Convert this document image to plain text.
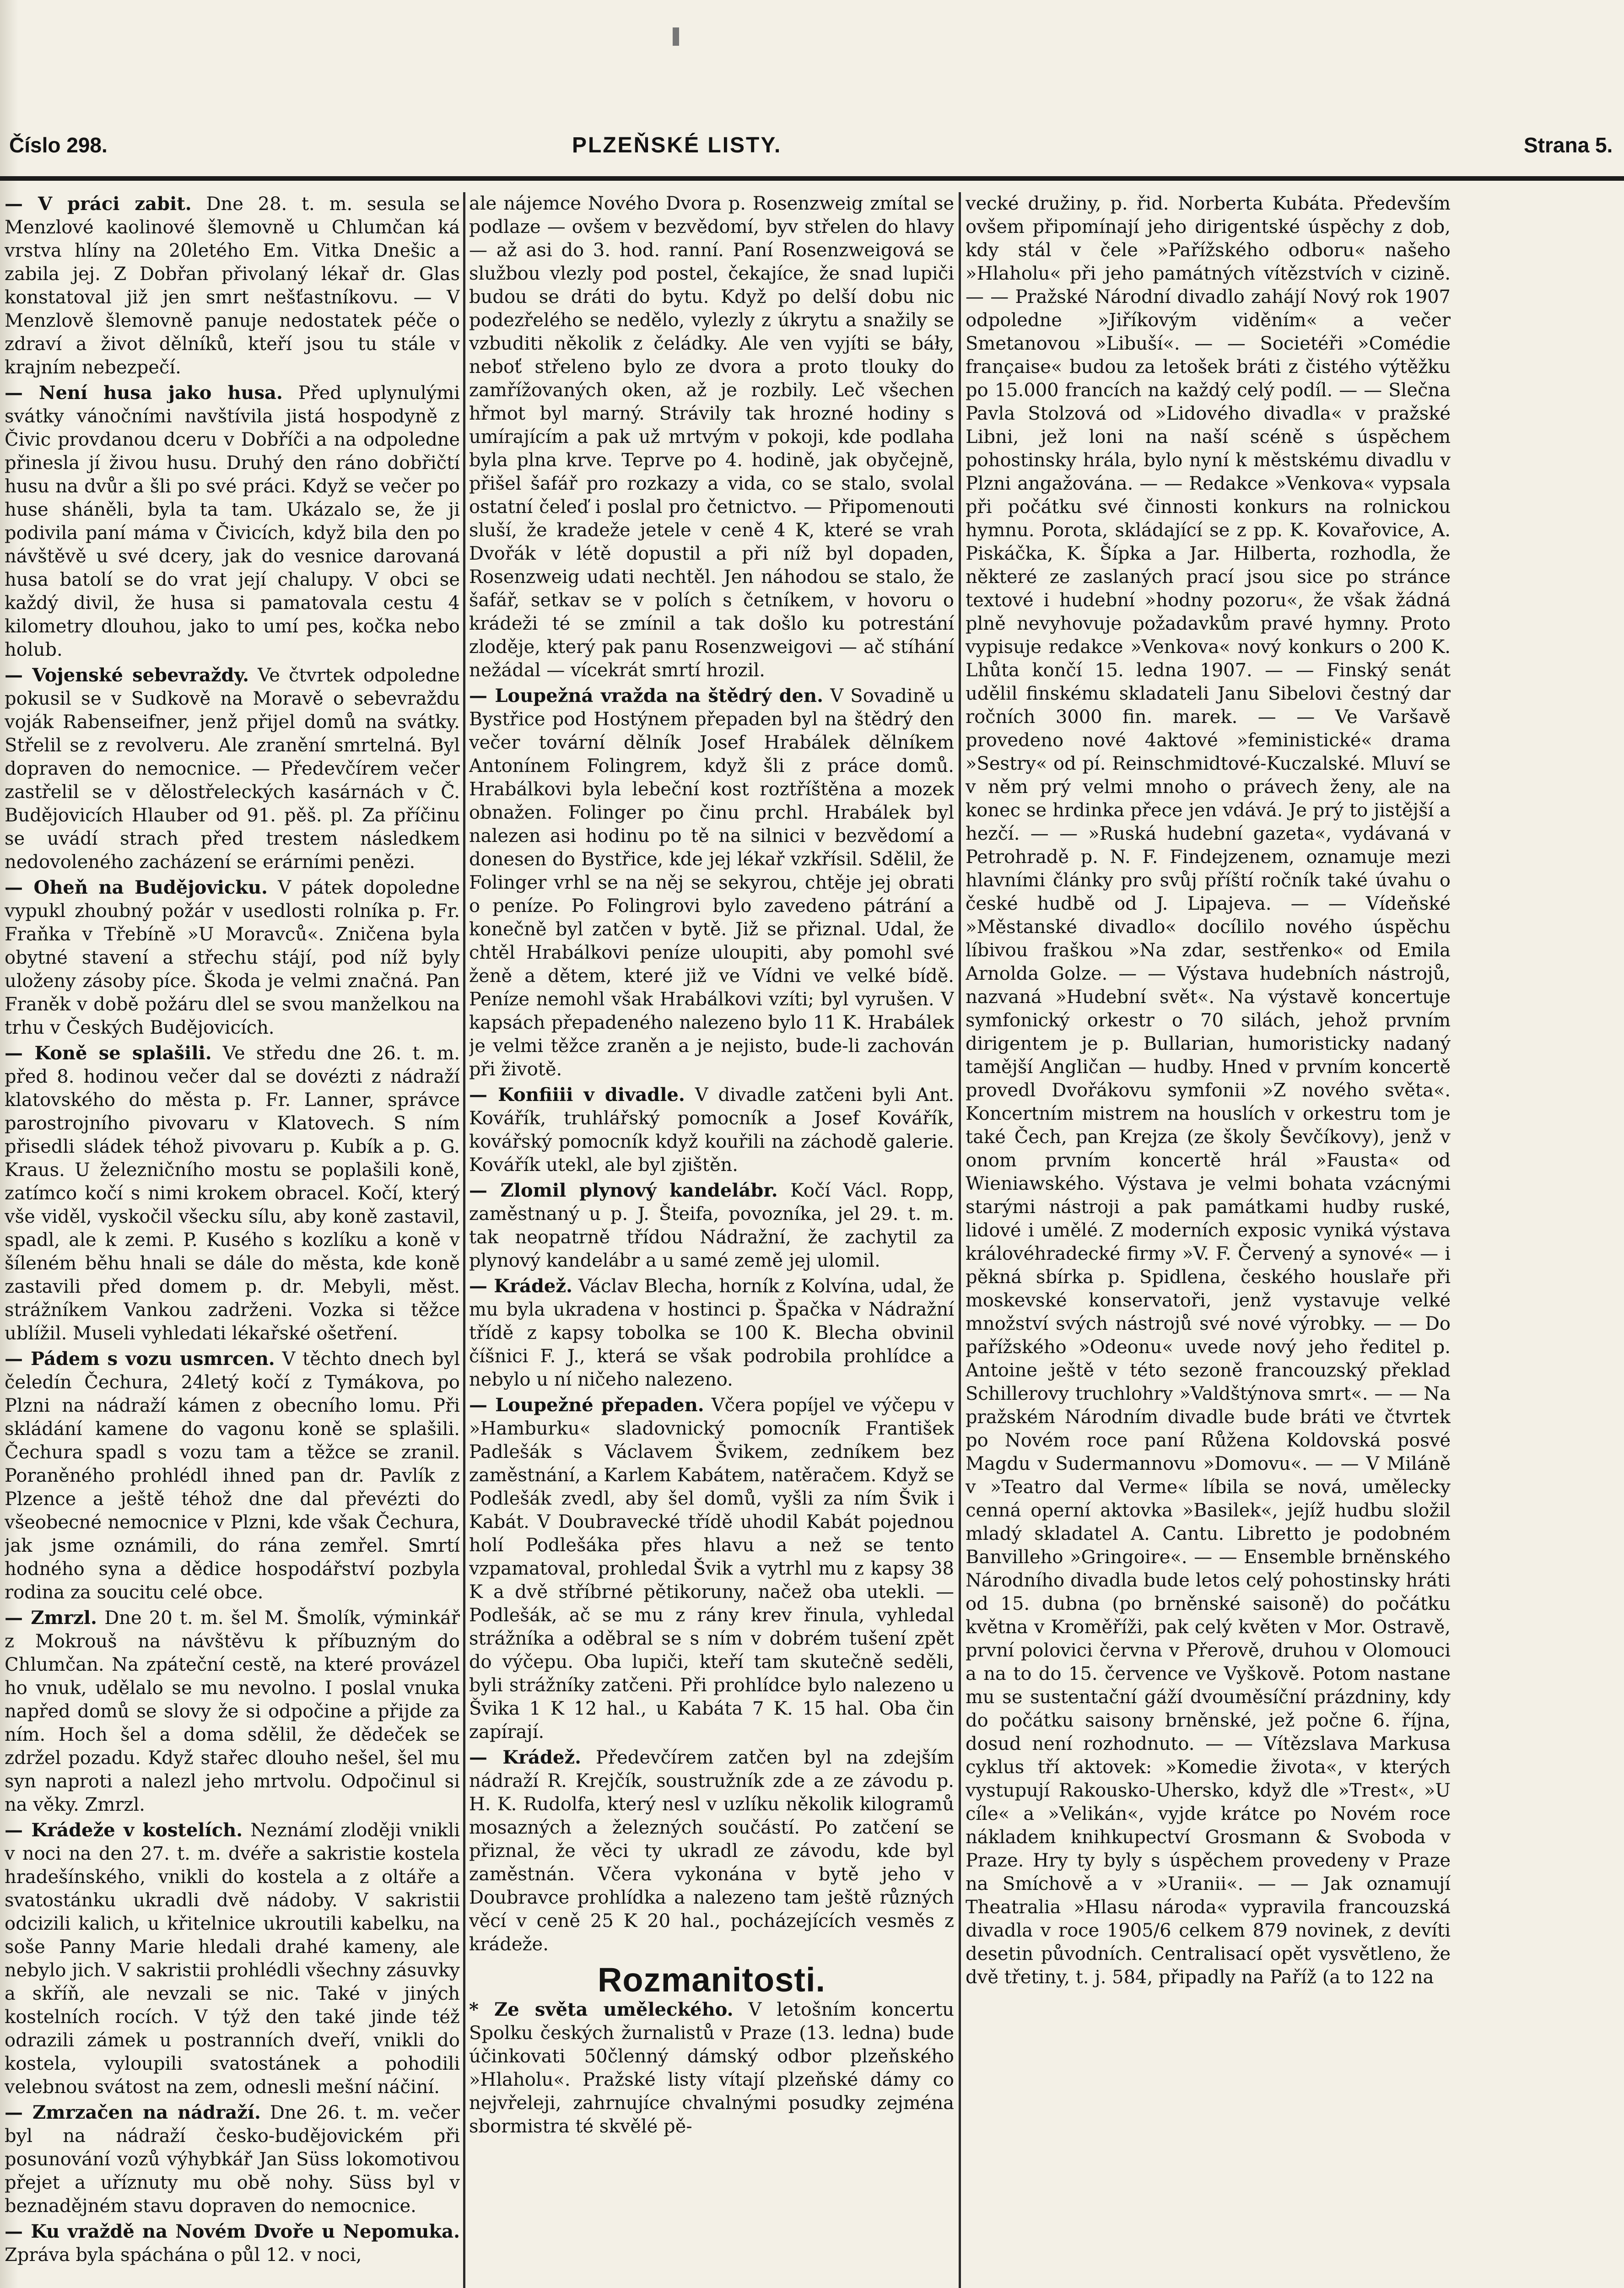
Číslo 298.	PLZEŇSKÉ LISTY.	Strana 5.

— V práci zabit. Dne 28. t. m. sesula se Menzlové kaolinové šlemovně u Chlumčan ká vrstva hlíny na 20letého Em. Vitka Dnešic a zabila jej. Z Dobřan přivolaný lékař dr. Glas konstatoval již jen smrt nešťastníkovu. — V Menzlově šlemovně panuje nedostatek péče o zdraví a život dělníků, kteří jsou tu stále v krajním nebezpečí.

— Není husa jako husa. Před uplynulými svátky vánočními navštívila jistá hospodyně z Čivic provdanou dceru v Dobříči a na odpoledne přinesla jí živou husu. Druhý den ráno dobřičtí husu na dvůr a šli po své práci. Když se večer po huse sháněli, byla ta tam. Ukázalo se, že ji podivila paní máma v Čivicích, když bila den po návštěvě u své dcery, jak do vesnice darovaná husa batolí se do vrat její chalupy. V obci se každý divil, že husa si pamatovala cestu 4 kilometry dlouhou, jako to umí pes, kočka nebo holub.

— Vojenské sebevraždy. Ve čtvrtek odpoledne pokusil se v Sudkově na Moravě o sebevraždu voják Rabenseifner, jenž přijel domů na svátky. Střelil se z revolveru. Ale zranění smrtelná. Byl dopraven do nemocnice. — Předevčírem večer zastřelil se v dělostřeleckých kasárnách v Č. Budějovicích Hlauber od 91. pěš. pl. Za příčinu se uvádí strach před trestem následkem nedovoleného zacházení se erárními penězi.

— Oheň na Budějovicku. V pátek dopoledne vypukl zhoubný požár v usedlosti rolníka p. Fr. Fraňka v Třebíně »U Moravců«. Zničena byla obytné stavení a střechu stájí, pod níž byly uloženy zásoby píce. Škoda je velmi značná. Pan Franěk v době požáru dlel se svou manželkou na trhu v Českých Budějovicích.

— Koně se splašili. Ve středu dne 26. t. m. před 8. hodinou večer dal se dovézti z nádraží klatovského do města p. Fr. Lanner, správce parostrojního pivovaru v Klatovech. S ním přisedli sládek téhož pivovaru p. Kubík a p. G. Kraus. U železničního mostu se poplašili koně, zatímco kočí s nimi krokem obracel. Kočí, který vše viděl, vyskočil všecku sílu, aby koně zastavil, spadl, ale k zemi. P. Kusého s kozlíku a koně v šíleném běhu hnali se dále do města, kde koně zastavili před domem p. dr. Mebyli, měst. strážníkem Vankou zadrženi. Vozka si těžce ublížil. Museli vyhledati lékařské ošetření.

— Pádem s vozu usmrcen. V těchto dnech byl čeledín Čechura, 24letý kočí z Tymákova, po Plzni na nádraží kámen z obecního lomu. Při skládání kamene do vagonu koně se splašili. Čechura spadl s vozu tam a těžce se zranil. Poraněného prohlédl ihned pan dr. Pavlík z Plzence a ještě téhož dne dal převézti do všeobecné nemocnice v Plzni, kde však Čechura, jak jsme oznámili, do rána zemřel. Smrtí hodného syna a dědice hospodářství pozbyla rodina za soucitu celé obce.

— Zmrzl. Dne 20 t. m. šel M. Šmolík, výminkář z Mokrouš na návštěvu k příbuzným do Chlumčan. Na zpáteční cestě, na které provázel ho vnuk, udělalo se mu nevolno. I poslal vnuka napřed domů se slovy že si odpočine a přijde za ním. Hoch šel a doma sdělil, že dědeček se zdržel pozadu. Když stařec dlouho nešel, šel mu syn naproti a nalezl jeho mrtvolu. Odpočinul si na věky. Zmrzl.

— Krádeže v kostelích. Neznámí zloději vnikli v noci na den 27. t. m. dvéře a sakristie kostela hradešínského, vnikli do kostela a z oltáře a svatostánku ukradli dvě nádoby. V sakristii odcizili kalich, u křitelnice ukroutili kabelku, na soše Panny Marie hledali drahé kameny, ale nebylo jich. V sakristii prohlédli všechny zásuvky a skříň, ale nevzali se nic. Také v jiných kostelních rocích. V týž den také jinde též odrazili zámek u postranních dveří, vnikli do kostela, vyloupili svatostánek a pohodili velebnou svátost na zem, odnesli mešní náčiní.

— Zmrzačen na nádraží. Dne 26. t. m. večer byl na nádraží česko-budějovickém při posunování vozů výhybkář Jan Süss lokomotivou přejet a uříznuty mu obě nohy. Süss byl v beznadějném stavu dopraven do nemocnice.

— Ku vraždě na Novém Dvoře u Nepomuka. Zpráva byla spáchána o půl 12. v noci,

ale nájemce Nového Dvora p. Rosenzweig zmítal se podlaze — ovšem v bezvědomí, byv střelen do hlavy — až asi do 3. hod. ranní. Paní Rosenzweigová se službou vlezly pod postel, čekajíce, že snad lupiči budou se dráti do bytu. Když po delší dobu nic podezřelého se nedělo, vylezly z úkrytu a snažily se vzbuditi několik z čeládky. Ale ven vyjíti se báły, neboť střeleno bylo ze dvora a proto tlouky do zamřížovaných oken, až je rozbily. Leč všechen hřmot byl marný. Strávily tak hrozné hodiny s umírajícím a pak už mrtvým v pokoji, kde podlaha byla plna krve. Teprve po 4. hodině, jak obyčejně, přišel šafář pro rozkazy a vida, co se stalo, svolal ostatní čeleď i poslal pro četnictvo. — Připomenouti sluší, že kradeže jetele v ceně 4 K, které se vrah Dvořák v létě dopustil a při níž byl dopaden, Rosenzweig udati nechtěl. Jen náhodou se stalo, že šafář, setkav se v polích s četníkem, v hovoru o krádeži té se zmínil a tak došlo ku potrestání zloděje, který pak panu Rosenzweigovi — ač stíhání nežádal — vícekrát smrtí hrozil.

— Loupežná vražda na štědrý den. V Sovadině u Bystřice pod Hostýnem přepaden byl na štědrý den večer tovární dělník Josef Hrabálek dělníkem Antonínem Folingrem, když šli z práce domů. Hrabálkovi byla lebeční kost roztříštěna a mozek obnažen. Folinger po činu prchl. Hrabálek byl nalezen asi hodinu po tě na silnici v bezvědomí a donesen do Bystřice, kde jej lékař vzkřísil. Sdělil, že Folinger vrhl se na něj se sekyrou, chtěje jej obrati o peníze. Po Folingrovi bylo zavedeno pátrání a konečně byl zatčen v bytě. Již se přiznal. Udal, že chtěl Hrabálkovi peníze uloupiti, aby pomohl své ženě a dětem, které již ve Vídni ve velké bídě. Peníze nemohl však Hrabálkovi vzíti; byl vyrušen. V kapsách přepadeného nalezeno bylo 11 K. Hrabálek je velmi těžce zraněn a je nejisto, bude-li zachován při životě.

— Konfiiii v divadle. V divadle zatčeni byli Ant. Kovářík, truhlářský pomocník a Josef Kovářík, kovářský pomocník když kouřili na záchodě galerie. Kovářík utekl, ale byl zjištěn.

— Zlomil plynový kandelábr. Kočí Václ. Ropp, zaměstnaný u p. J. Šteifa, povozníka, jel 29. t. m. tak neopatrně třídou Nádražní, že zachytil za plynový kandelábr a u samé země jej ulomil.

— Krádež. Václav Blecha, horník z Kolvína, udal, že mu byla ukradena v hostinci p. Špačka v Nádražní třídě z kapsy tobolka se 100 K. Blecha obvinil číšnici F. J., která se však podrobila prohlídce a nebylo u ní ničeho nalezeno.

— Loupežné přepaden. Včera popíjel ve výčepu v »Hamburku« sladovnický pomocník František Padlešák s Václavem Švikem, zedníkem bez zaměstnání, a Karlem Kabátem, natěračem. Když se Podlešák zvedl, aby šel domů, vyšli za ním Švik i Kabát. V Doubravecké třídě uhodil Kabát pojednou holí Podlešáka přes hlavu a než se tento vzpamatoval, prohledal Švik a vytrhl mu z kapsy 38 K a dvě stříbrné pětikoruny, načež oba utekli. — Podlešák, ač se mu z rány krev řinula, vyhledal strážníka a oděbral se s ním v dobrém tušení zpět do výčepu. Oba lupiči, kteří tam skutečně seděli, byli strážníky zatčeni. Při prohlídce bylo nalezeno u Švika 1 K 12 hal., u Kabáta 7 K. 15 hal. Oba čin zapírají.

— Krádež. Předevčírem zatčen byl na zdejším nádraží R. Krejčík, soustružník zde a ze závodu p. H. K. Rudolfa, který nesl v uzlíku několik kilogramů mosazných a železných součástí. Po zatčení se přiznal, že věci ty ukradl ze závodu, kde byl zaměstnán. Včera vykonána v bytě jeho v Doubravce prohlídka a nalezeno tam ještě různých věcí v ceně 25 K 20 hal., pocházejících vesměs z krádeže.

Rozmanitosti.

* Ze světa uměleckého. V letošním koncertu Spolku českých žurnalistů v Praze (13. ledna) bude účinkovati 50členný dámský odbor plzeňského »Hlaholu«. Pražské listy vítají plzeňské dámy co nejvřeleji, zahrnujíce chvalnými posudky zejména sbormistra té skvělé pě-

vecké družiny, p. řid. Norberta Kubáta. Především ovšem připomínají jeho dirigentské úspěchy z dob, kdy stál v čele »Pařížského odboru« našeho »Hlaholu« při jeho památných vítězstvích v cizině. — — Pražské Národní divadlo zahájí Nový rok 1907 odpoledne »Jiříkovým viděním« a večer Smetanovou »Libuší«. — — Societéři »Comédie française« budou za letošek bráti z čistého výtěžku po 15.000 francích na každý celý podíl. — — Slečna Pavla Stolzová od »Lidového divadla« v pražské Libni, jež loni na naší scéně s úspěchem pohostinsky hrála, bylo nyní k městskému divadlu v Plzni angažována. — — Redakce »Venkova« vypsala při počátku své činnosti konkurs na rolnickou hymnu. Porota, skládající se z pp. K. Kovařovice, A. Piskáčka, K. Šípka a Jar. Hilberta, rozhodla, že některé ze zaslaných prací jsou sice po stránce textové i hudební »hodny pozoru«, že však žádná plně nevyhovuje požadavkům pravé hymny. Proto vypisuje redakce »Venkova« nový konkurs o 200 K. Lhůta končí 15. ledna 1907. — — Finský senát udělil finskému skladateli Janu Sibelovi čestný dar ročních 3000 fin. marek. — — Ve Varšavě provedeno nové 4aktové »feministické« drama »Sestry« od pí. Reinschmidtové-Kuczalské. Mluví se v něm prý velmi mnoho o právech ženy, ale na konec se hrdinka přece jen vdává. Je prý to jistější a hezčí. — — »Ruská hudební gazeta«, vydávaná v Petrohradě p. N. F. Findejzenem, oznamuje mezi hlavními články pro svůj příští ročník také úvahu o české hudbě od J. Lipajeva. — — Vídeňské »Městanské divadlo« docílilo nového úspěchu líbivou fraškou »Na zdar, sestřenko« od Emila Arnolda Golze. — — Výstava hudebních nástrojů, nazvaná »Hudební svět«. Na výstavě koncertuje symfonický orkestr o 70 silách, jehož prvním dirigentem je p. Bullarian, humoristicky nadaný tamější Angličan — hudby. Hned v prvním koncertě provedl Dvořákovu symfonii »Z nového světa«. Koncertním mistrem na houslích v orkestru tom je také Čech, pan Krejza (ze školy Ševčíkovy), jenž v onom prvním koncertě hrál »Fausta« od Wieniawského. Výstava je velmi bohata vzácnými starými nástroji a pak památkami hudby ruské, lidové i umělé. Z moderních exposic vyniká výstava královéhradecké firmy »V. F. Červený a synové« — i pěkná sbírka p. Spidlena, českého houslaře při moskevské konservatoři, jenž vystavuje velké množství svých nástrojů své nové výrobky. — — Do pařížského »Odeonu« uvede nový jeho ředitel p. Antoine ještě v této sezoně francouzský překlad Schillerovy truchlohry »Valdštýnova smrt«. — — Na pražském Národním divadle bude bráti ve čtvrtek po Novém roce paní Růžena Koldovská posvé Magdu v Sudermannovu »Domovu«. — — V Miláně v »Teatro dal Verme« líbila se nová, umělecky cenná operní aktovka »Basilek«, jejíž hudbu složil mladý skladatel A. Cantu. Libretto je podobném Banvilleho »Gringoire«. — — Ensemble brněnského Národního divadla bude letos celý pohostinsky hráti od 15. dubna (po brněnské saisoně) do počátku května v Kroměříži, pak celý květen v Mor. Ostravě, první polovici června v Přerově, druhou v Olomouci a na to do 15. července ve Vyškově. Potom nastane mu se sustentační gáží dvouměsíční prázdniny, kdy do počátku saisony brněnské, jež počne 6. října, dosud není rozhodnuto. — — Vítězslava Markusa cyklus tří aktovek: »Komedie života«, v kterých vystupují Rakousko-Uhersko, když dle »Trest«, »U cíle« a »Velikán«, vyjde krátce po Novém roce nákladem knihkupectví Grosmann & Svoboda v Praze. Hry ty byly s úspěchem provedeny v Praze na Smíchově a v »Uranii«. — — Jak oznamují Theatralia »Hlasu národa« vypravila francouzská divadla v roce 1905/6 celkem 879 novinek, z devíti desetin původních. Centralisací opět vysvětleno, že dvě třetiny, t. j. 584, připadly na Paříž (a to 122 na
